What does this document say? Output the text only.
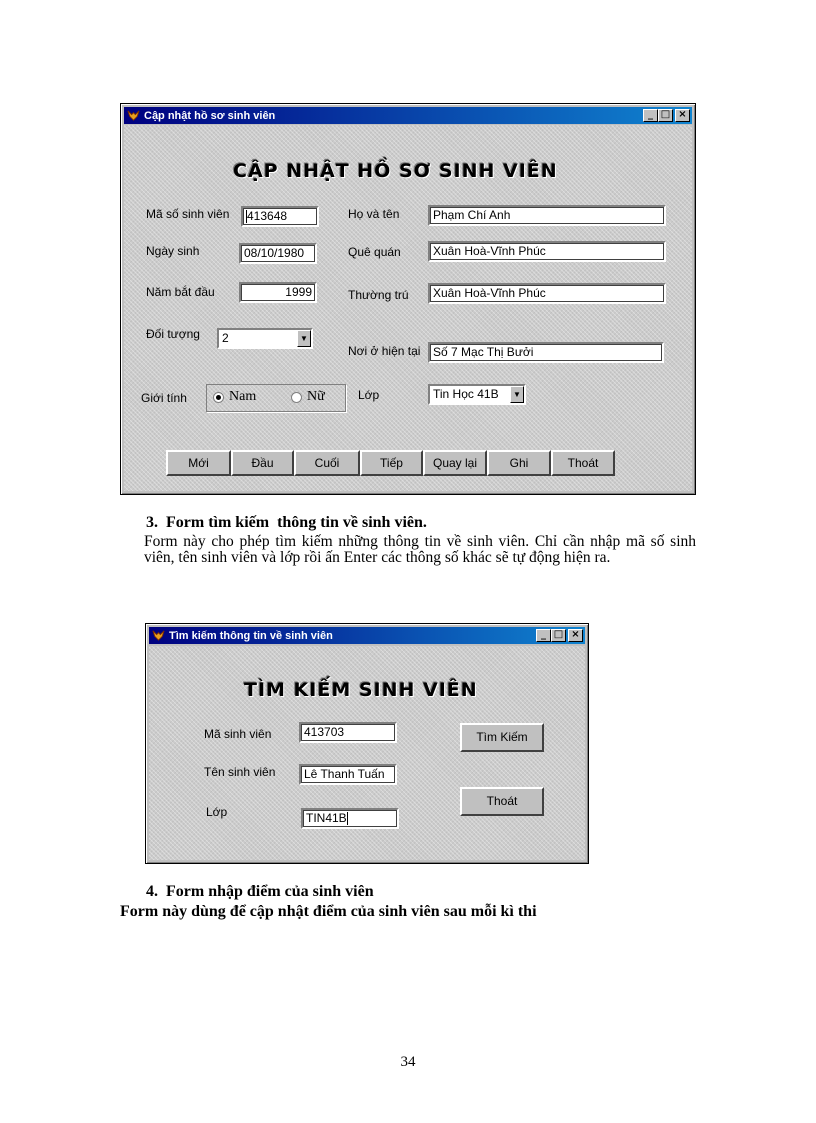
Cập nhật hồ sơ sinh viên	_ □ ×
CẬP NHẬT HỒ SƠ SINH VIÊN
Mã số sinh viên	413648
Ngày sinh	08/10/1980
Năm bắt đầu	1999
Đối tượng	2	▼
Giới tính	Nam	Nữ
Họ và tên	Phạm Chí Anh
Quê quán	Xuân Hoà-Vĩnh Phúc
Thường trú	Xuân Hoà-Vĩnh Phúc
Nơi ở hiện tại	Số 7 Mạc Thị Bưởi
Lớp	Tin Học 41B	▼
Mới	Đầu	Cuối	Tiếp	Quay lại	Ghi	Thoát
3.  Form tìm kiếm  thông tin về sinh viên.
Form này cho phép tìm kiếm những thông tin về sinh viên. Chỉ cần nhập mã số sinh viên, tên sinh viên và lớp rồi ấn Enter các thông số khác sẽ tự động hiện ra.
Tìm kiếm thông tin về sinh viên	_ □ ×
TÌM KIẾM SINH VIÊN
Mã sinh viên	413703
Tên sinh viên	Lê Thanh Tuấn
Lớp	TIN41B
Tìm Kiếm
Thoát
4.  Form nhập điểm của sinh viên
Form này dùng để cập nhật điểm của sinh viên sau mỗi kì thi
34
